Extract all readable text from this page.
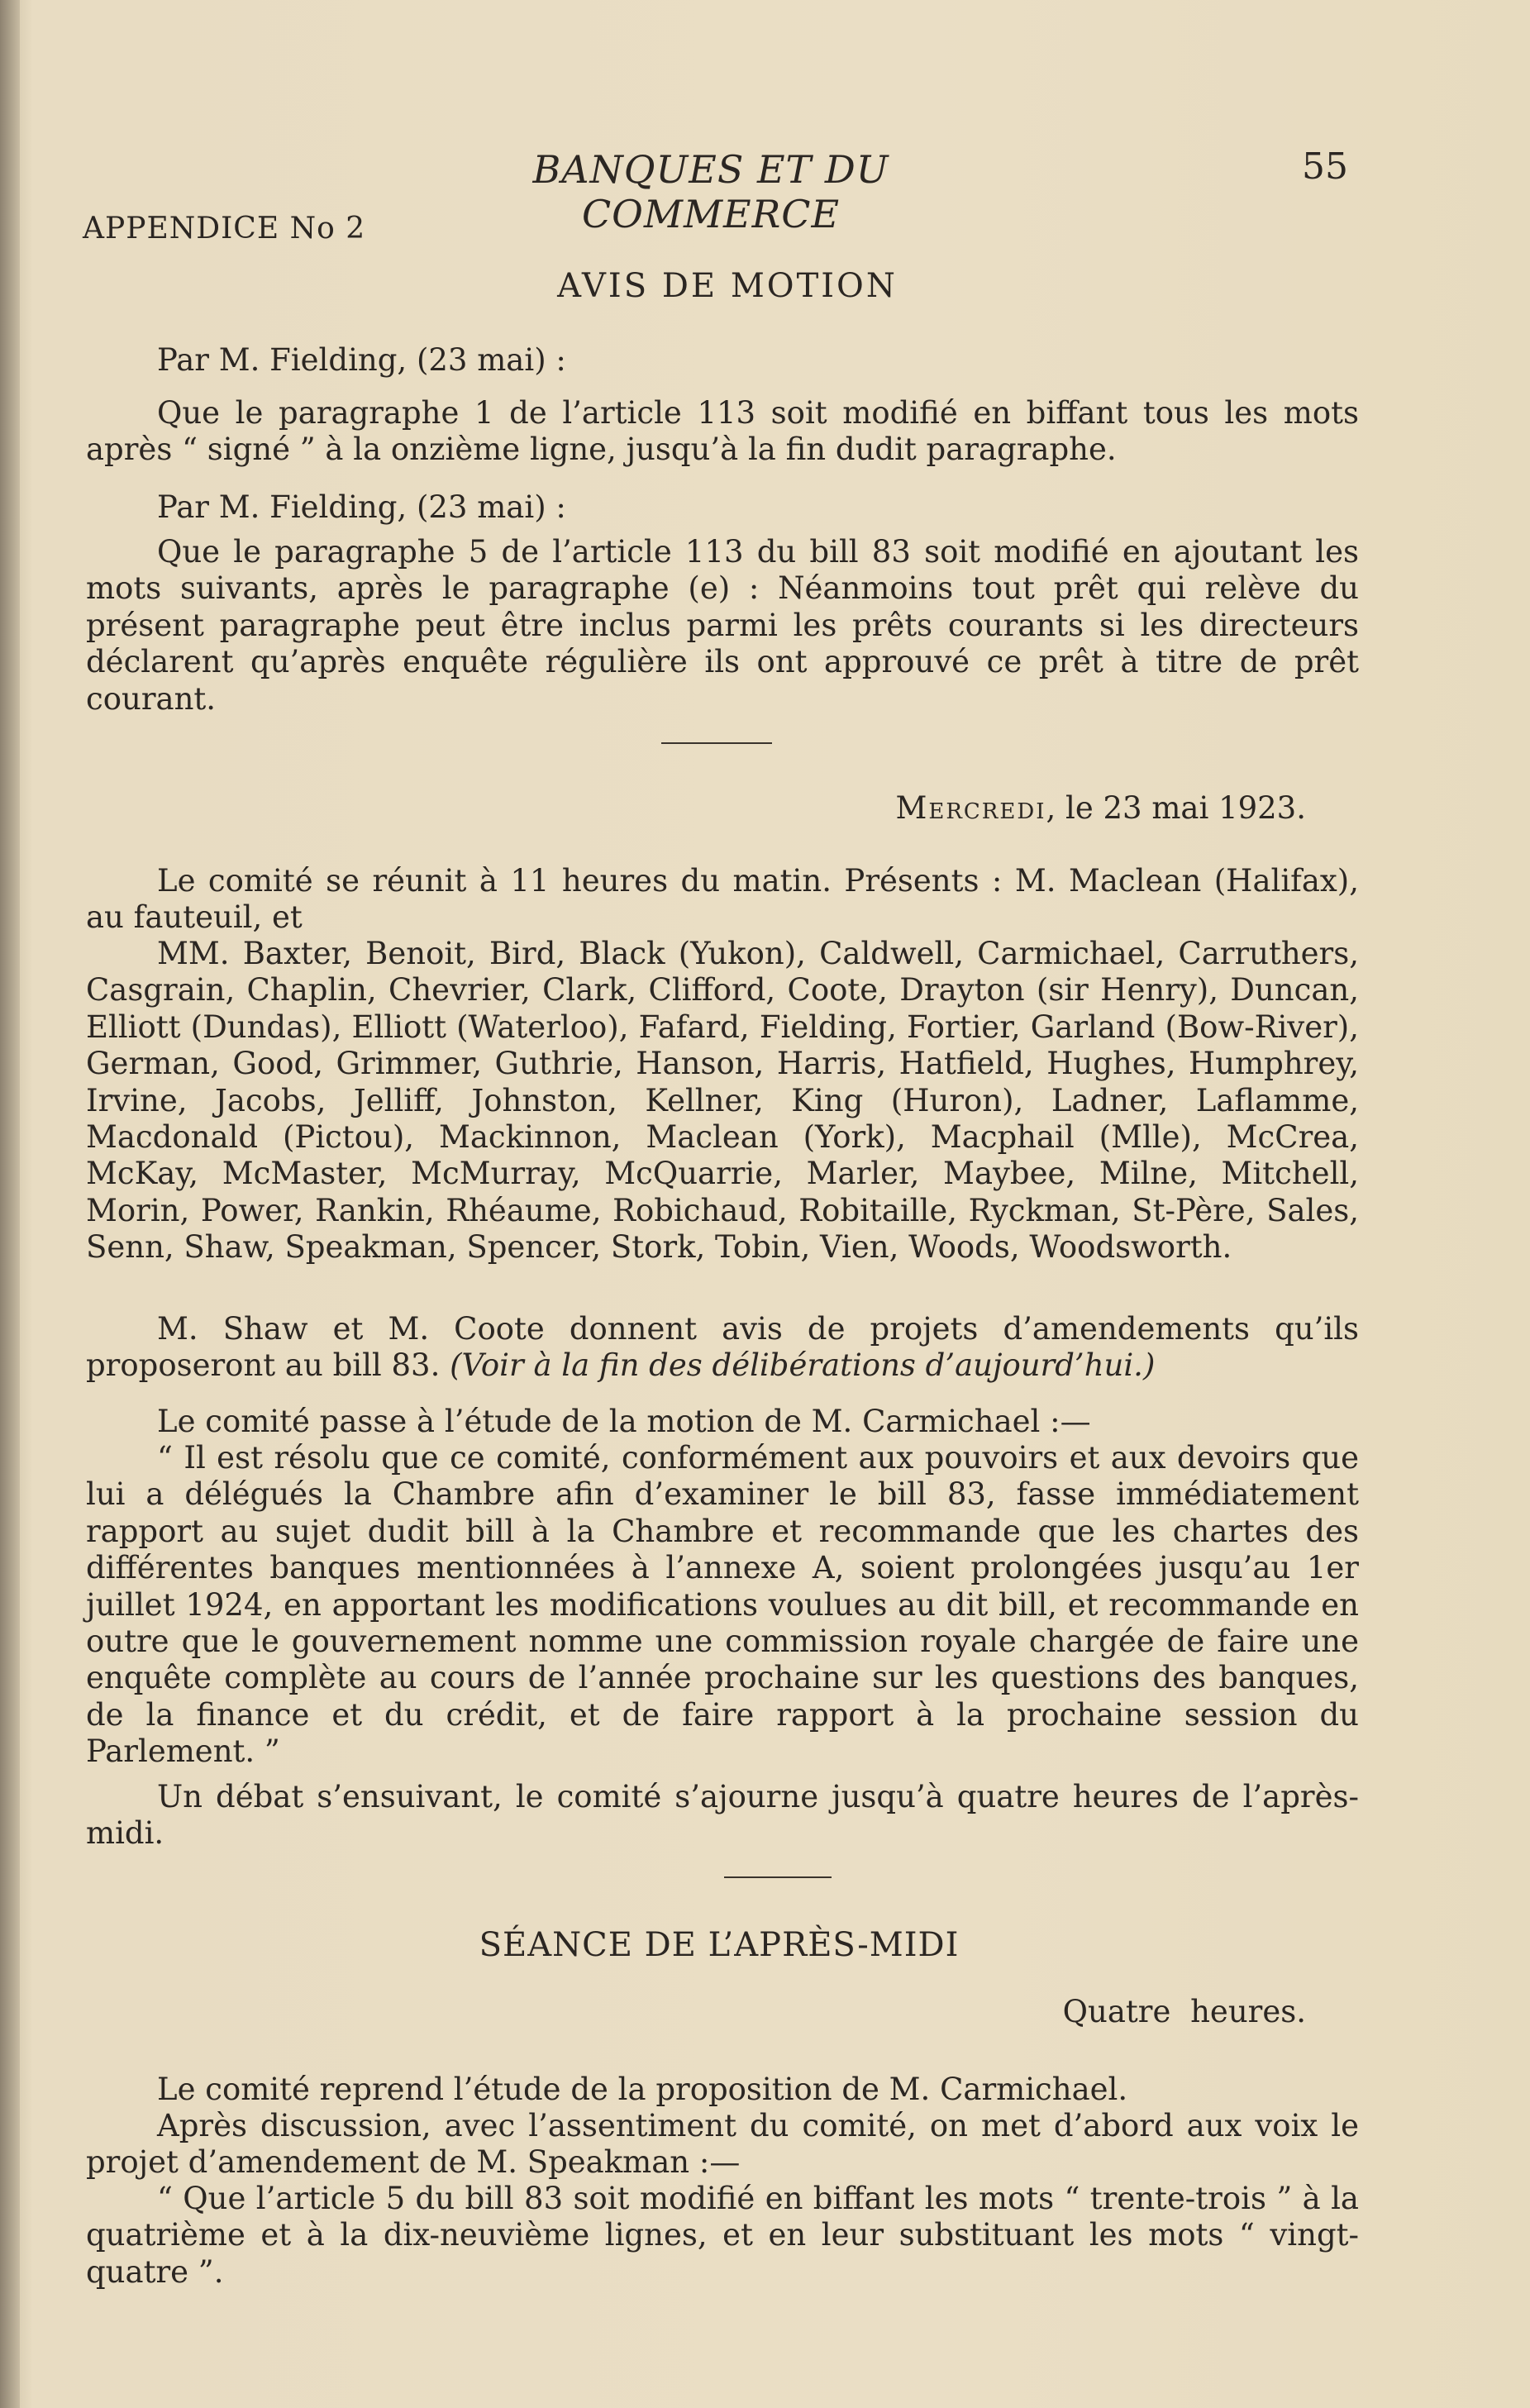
BANQUES ET DU COMMERCE
55
APPENDICE No 2
AVIS DE MOTION

Par M. Fielding, (23 mai) :

Que le paragraphe 1 de l’article 113 soit modifié en biffant tous les mots après “ signé ” à la onzième ligne, jusqu’à la fin dudit paragraphe.

Par M. Fielding, (23 mai) :

Que le paragraphe 5 de l’article 113 du bill 83 soit modifié en ajoutant les mots suivants, après le paragraphe (e) : Néanmoins tout prêt qui relève du présent paragraphe peut être inclus parmi les prêts courants si les directeurs déclarent qu’après enquête régulière ils ont approuvé ce prêt à titre de prêt courant.

Mercredi, le 23 mai 1923.

Le comité se réunit à 11 heures du matin. Présents : M. Maclean (Halifax), au fauteuil, et

MM. Baxter, Benoit, Bird, Black (Yukon), Caldwell, Carmichael, Carruthers, Casgrain, Chaplin, Chevrier, Clark, Clifford, Coote, Drayton (sir Henry), Duncan, Elliott (Dundas), Elliott (Waterloo), Fafard, Fielding, Fortier, Garland (Bow-River), German, Good, Grimmer, Guthrie, Hanson, Harris, Hatfield, Hughes, Humphrey, Irvine, Jacobs, Jelliff, Johnston, Kellner, King (Huron), Ladner, Laflamme, Macdonald (Pictou), Mackinnon, Maclean (York), Macphail (Mlle), McCrea, McKay, McMaster, McMurray, McQuarrie, Marler, Maybee, Milne, Mitchell, Morin, Power, Rankin, Rhéaume, Robichaud, Robitaille, Ryckman, St-Père, Sales, Senn, Shaw, Speakman, Spencer, Stork, Tobin, Vien, Woods, Woodsworth.

M. Shaw et M. Coote donnent avis de projets d’amendements qu’ils proposeront au bill 83. (Voir à la fin des délibérations d’aujourd’hui.)

Le comité passe à l’étude de la motion de M. Carmichael :—

“ Il est résolu que ce comité, conformément aux pouvoirs et aux devoirs que lui a délégués la Chambre afin d’examiner le bill 83, fasse immédiatement rapport au sujet dudit bill à la Chambre et recommande que les chartes des différentes banques mentionnées à l’annexe A, soient prolongées jusqu’au 1er juillet 1924, en apportant les modifications voulues au dit bill, et recommande en outre que le gouvernement nomme une commission royale chargée de faire une enquête complète au cours de l’année prochaine sur les questions des banques, de la finance et du crédit, et de faire rapport à la prochaine session du Parlement. ”

Un débat s’ensuivant, le comité s’ajourne jusqu’à quatre heures de l’après-midi.

SÉANCE DE L’APRÈS-MIDI
Quatre heures.

Le comité reprend l’étude de la proposition de M. Carmichael.

Après discussion, avec l’assentiment du comité, on met d’abord aux voix le projet d’amendement de M. Speakman :—

“ Que l’article 5 du bill 83 soit modifié en biffant les mots “ trente-trois ” à la quatrième et à la dix-neuvième lignes, et en leur substituant les mots “ vingt-quatre ”.
